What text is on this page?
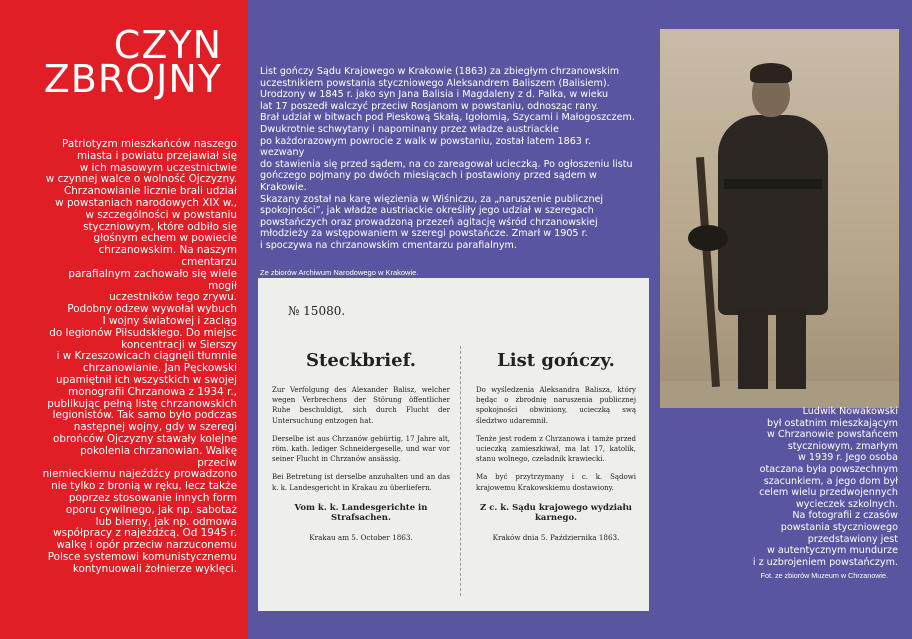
CZYN
ZBROJNY
Patriotyzm mieszkańców naszego
miasta i powiatu przejawiał się
w ich masowym uczestnictwie
w czynnej walce o wolność Ojczyzny.
Chrzanowianie licznie brali udział
w powstaniach narodowych XIX w.,
w szczególności w powstaniu
styczniowym, które odbiło się
głośnym echem w powiecie
chrzanowskim. Na naszym cmentarzu
parafialnym zachowało się wiele mogił
uczestników tego zrywu.
Podobny odzew wywołał wybuch
I wojny światowej i zaciąg
do legionów Piłsudskiego. Do miejsc
koncentracji w Sierszy
i w Krzeszowicach ciągnęli tłumnie
chrzanowianie. Jan Pęckowski
upamiętnił ich wszystkich w swojej
monografii Chrzanowa z 1934 r.,
publikując pełną listę chrzanowskich
legionistów. Tak samo było podczas
następnej wojny, gdy w szeregi
obrońców Ojczyzny stawały kolejne
pokolenia chrzanowian. Walkę przeciw
niemieckiemu najeźdźcy prowadzono
nie tylko z bronią w ręku, lecz także
poprzez stosowanie innych form
oporu cywilnego, jak np. sabotaż
lub bierny, jak np. odmowa
współpracy z najeźdźcą. Od 1945 r.
walkę i opór przeciw narzuconemu
Polsce systemowi komunistycznemu
kontynuowali żołnierze wyklęci.
List gończy Sądu Krajowego w Krakowie (1863) za zbiegłym chrzanowskim
uczestnikiem powstania styczniowego Aleksandrem Baliszem (Balisiem).
Urodzony w 1845 r. jako syn Jana Balisia i Magdaleny z d. Palka, w wieku
lat 17 poszedł walczyć przeciw Rosjanom w powstaniu, odnosząc rany.
Brał udział w bitwach pod Pieskową Skałą, Igołomią, Szycami i Małogoszczem.
Dwukrotnie schwytany i napominany przez władze austriackie
po każdorazowym powrocie z walk w powstaniu, został latem 1863 r. wezwany
do stawienia się przed sądem, na co zareagował ucieczką. Po ogłoszeniu listu
gończego pojmany po dwóch miesiącach i postawiony przed sądem w Krakowie.
Skazany został na karę więzienia w Wiśniczu, za „naruszenie publicznej
spokojności”, jak władze austriackie określiły jego udział w szeregach
powstańczych oraz prowadzoną przezeń agitację wśród chrzanowskiej
młodzieży za wstępowaniem w szeregi powstańcze. Zmarł w 1905 r.
i spoczywa na chrzanowskim cmentarzu parafialnym.
Ze zbiorów Archiwum Narodowego w Krakowie.
№ 15080.
Steckbrief.
Zur Verfolgung des Alexander Balisz, welcher wegen Verbrechens der Störung öffentlicher Ruhe beschuldigt, sich durch Flucht der Untersuchung entzogen hat.
Derselbe ist aus Chrzanów gebürtig, 17 Jahre alt, röm. kath. lediger Schneidergeselle, und war vor seiner Flucht in Chrzanów ansässig.
Bei Betretung ist derselbe anzuhalten und an das k. k. Landesgericht in Krakau zu überliefern.
Vom k. k. Landesgerichte in Strafsachen.
Krakau am 5. October 1863.
List gończy.
Do wyśledzenia Aleksandra Balisza, który będąc o zbrodnię naruszenia publicznej spokojności obwiniony, ucieczką swą śledztwo udaremnił.
Tenże jest rodem z Chrzanowa i tamże przed ucieczką zamieszkiwał, ma lat 17, katolik, stanu wolnego, czeladnik krawiecki.
Ma być przytrzymany i c. k. Sądowi krajowemu Krakowskiemu dostawiony.
Z c. k. Sądu krajowego wydziału karnego.
Kraków dnia 5. Października 1863.
Ludwik Nowakowski
był ostatnim mieszkającym
w Chrzanowie powstańcem
styczniowym, zmarłym
w 1939 r. Jego osoba
otaczana była powszechnym
szacunkiem, a jego dom był
celem wielu przedwojennych
wycieczek szkolnych.
Na fotografii z czasów
powstania styczniowego
przedstawiony jest
w autentycznym mundurze
i z uzbrojeniem powstańczym.
Fot. ze zbiorów Muzeum w Chrzanowie.
